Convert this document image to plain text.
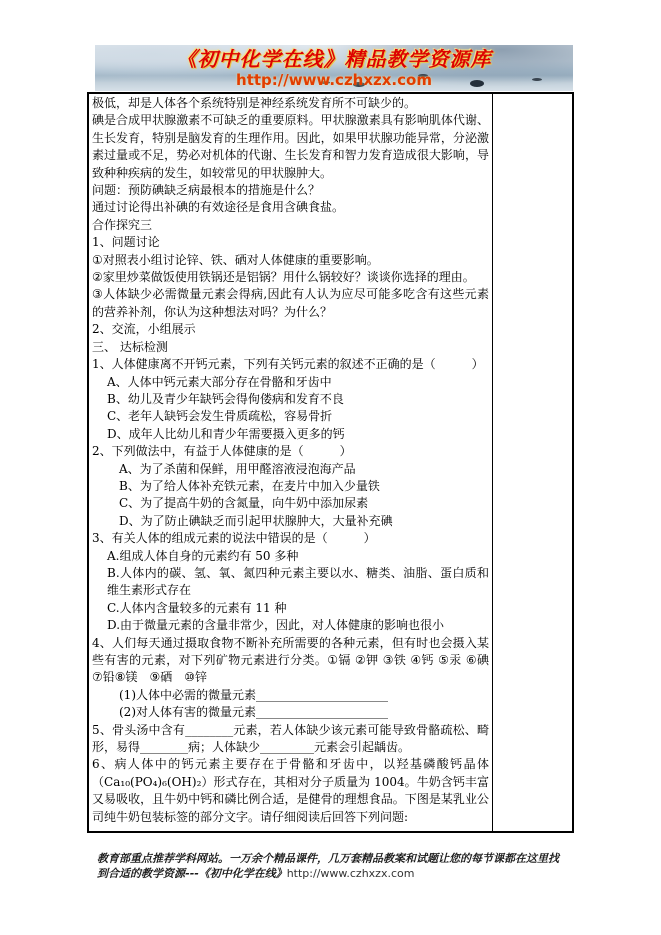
《初中化学在线》精品教学资源库
http://www.czhxzx.com

极低，却是人体各个系统特别是神经系统发育所不可缺少的。

碘是合成甲状腺激素不可缺乏的重要原料。甲状腺激素具有影响肌体代谢、生长发育，特别是脑发育的生理作用。因此，如果甲状腺功能异常，分泌激素过量或不足，势必对机体的代谢、生长发育和智力发育造成很大影响，导致种种疾病的发生，如较常见的甲状腺肿大。

问题：预防碘缺乏病最根本的措施是什么？

通过讨论得出补碘的有效途径是食用含碘食盐。

合作探究三

1、问题讨论

①对照表小组讨论锌、铁、硒对人体健康的重要影响。

②家里炒菜做饭使用铁锅还是铝锅？用什么锅较好？谈谈你选择的理由。

③人体缺少必需微量元素会得病,因此有人认为应尽可能多吃含有这些元素的营养补剂，你认为这种想法对吗？为什么？

2、交流，小组展示

三、 达标检测

1、人体健康离不开钙元素，下列有关钙元素的叙述不正确的是（　　　）

A、人体中钙元素大部分存在骨骼和牙齿中

B、幼儿及青少年缺钙会得佝偻病和发育不良

C、老年人缺钙会发生骨质疏松，容易骨折

D、成年人比幼儿和青少年需要摄入更多的钙

2、下列做法中，有益于人体健康的是（　　　）

A、为了杀菌和保鲜，用甲醛溶液浸泡海产品

B、为了给人体补充铁元素，在麦片中加入少量铁

C、为了提高牛奶的含氮量，向牛奶中添加尿素

D、为了防止碘缺乏而引起甲状腺肿大，大量补充碘

3、有关人体的组成元素的说法中错误的是（　　　）

A.组成人体自身的元素约有 50 多种

B.人体内的碳、氢、氧、氮四种元素主要以水、糖类、油脂、蛋白质和维生素形式存在

C.人体内含量较多的元素有 11 种

D.由于微量元素的含量非常少，因此，对人体健康的影响也很小

4、人们每天通过摄取食物不断补充所需要的各种元素，但有时也会摄入某些有害的元素，对下列矿物元素进行分类。①镉 ②钾 ③铁 ④钙 ⑤汞 ⑥碘 ⑦铅⑧镁　⑨硒　⑩锌

(1)人体中必需的微量元素______________________

(2)对人体有害的微量元素______________________

5、骨头汤中含有________元素，若人体缺少该元素可能导致骨骼疏松、畸形，易得________病；人体缺少_________元素会引起龋齿。

6、病人体中的钙元素主要存在于骨骼和牙齿中，以羟基磷酸钙晶体（Ca₁₀(PO₄)₆(OH)₂）形式存在，其相对分子质量为 1004。牛奶含钙丰富又易吸收，且牛奶中钙和磷比例合适，是健骨的理想食品。下图是某乳业公司纯牛奶包装标签的部分文字。请仔细阅读后回答下列问题:

教育部重点推荐学科网站。一万余个精品课件，几万套精品教案和试题让您的每节课都在这里找到合适的教学资源---《初中化学在线》http://www.czhxzx.com
